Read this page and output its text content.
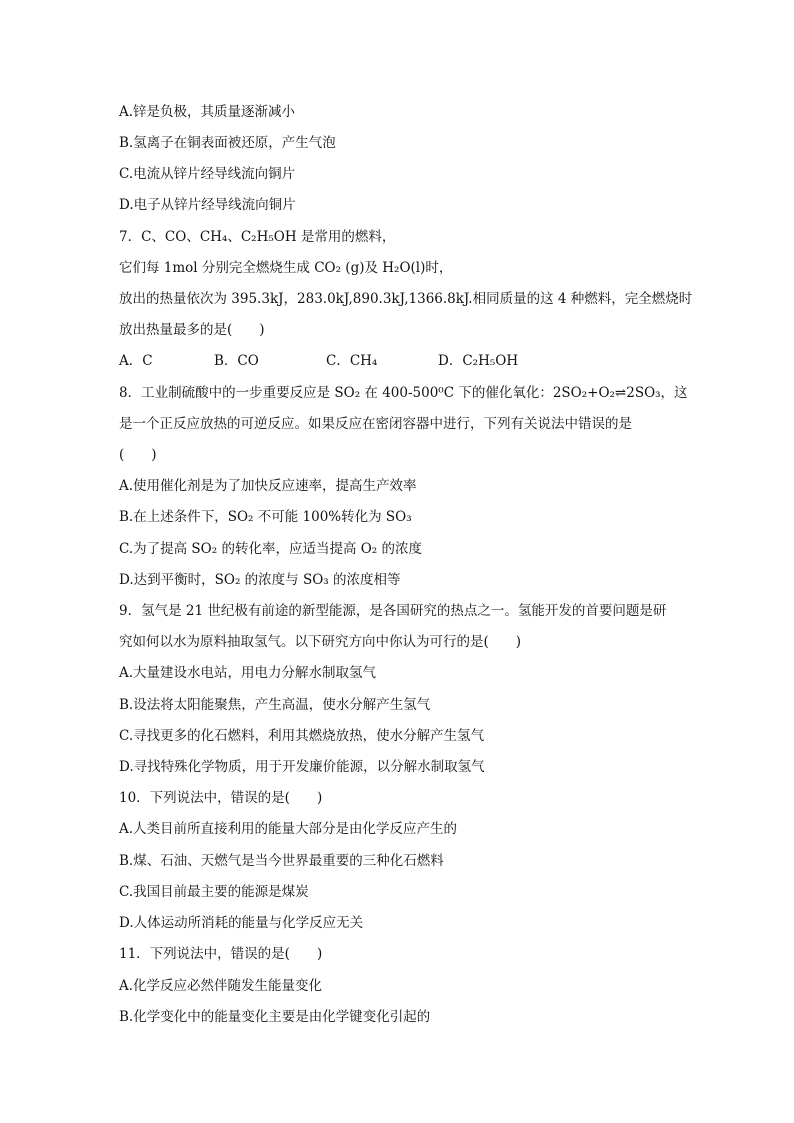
A.锌是负极，其质量逐渐减小
B.氢离子在铜表面被还原，产生气泡
C.电流从锌片经导线流向铜片
D.电子从锌片经导线流向铜片
7．C、CO、CH₄、C₂H₅OH 是常用的燃料，
它们每 1mol 分别完全燃烧生成 CO₂ (g)及 H₂O(l)时，
放出的热量依次为 395.3kJ，283.0kJ,890.3kJ,1366.8kJ.相同质量的这 4 种燃料，完全燃烧时
放出热量最多的是(　　)
A．C	B．CO	C．CH₄	D．C₂H₅OH
8．工业制硫酸中的一步重要反应是 SO₂ 在 400-500⁰C 下的催化氧化：2SO₂+O₂⇌2SO₃，这
是一个正反应放热的可逆反应。如果反应在密闭容器中进行，下列有关说法中错误的是
(　　)
A.使用催化剂是为了加快反应速率，提高生产效率
B.在上述条件下，SO₂ 不可能 100%转化为 SO₃
C.为了提高 SO₂ 的转化率，应适当提高 O₂ 的浓度
D.达到平衡时，SO₂ 的浓度与 SO₃ 的浓度相等
9．氢气是 21 世纪极有前途的新型能源，是各国研究的热点之一。氢能开发的首要问题是研
究如何以水为原料抽取氢气。以下研究方向中你认为可行的是(　　)
A.大量建设水电站，用电力分解水制取氢气
B.设法将太阳能聚焦，产生高温，使水分解产生氢气
C.寻找更多的化石燃料，利用其燃烧放热，使水分解产生氢气
D.寻找特殊化学物质，用于开发廉价能源，以分解水制取氢气
10．下列说法中，错误的是(　　)
A.人类目前所直接利用的能量大部分是由化学反应产生的
B.煤、石油、天燃气是当今世界最重要的三种化石燃料
C.我国目前最主要的能源是煤炭
D.人体运动所消耗的能量与化学反应无关
11．下列说法中，错误的是(　　)
A.化学反应必然伴随发生能量变化
B.化学变化中的能量变化主要是由化学键变化引起的
